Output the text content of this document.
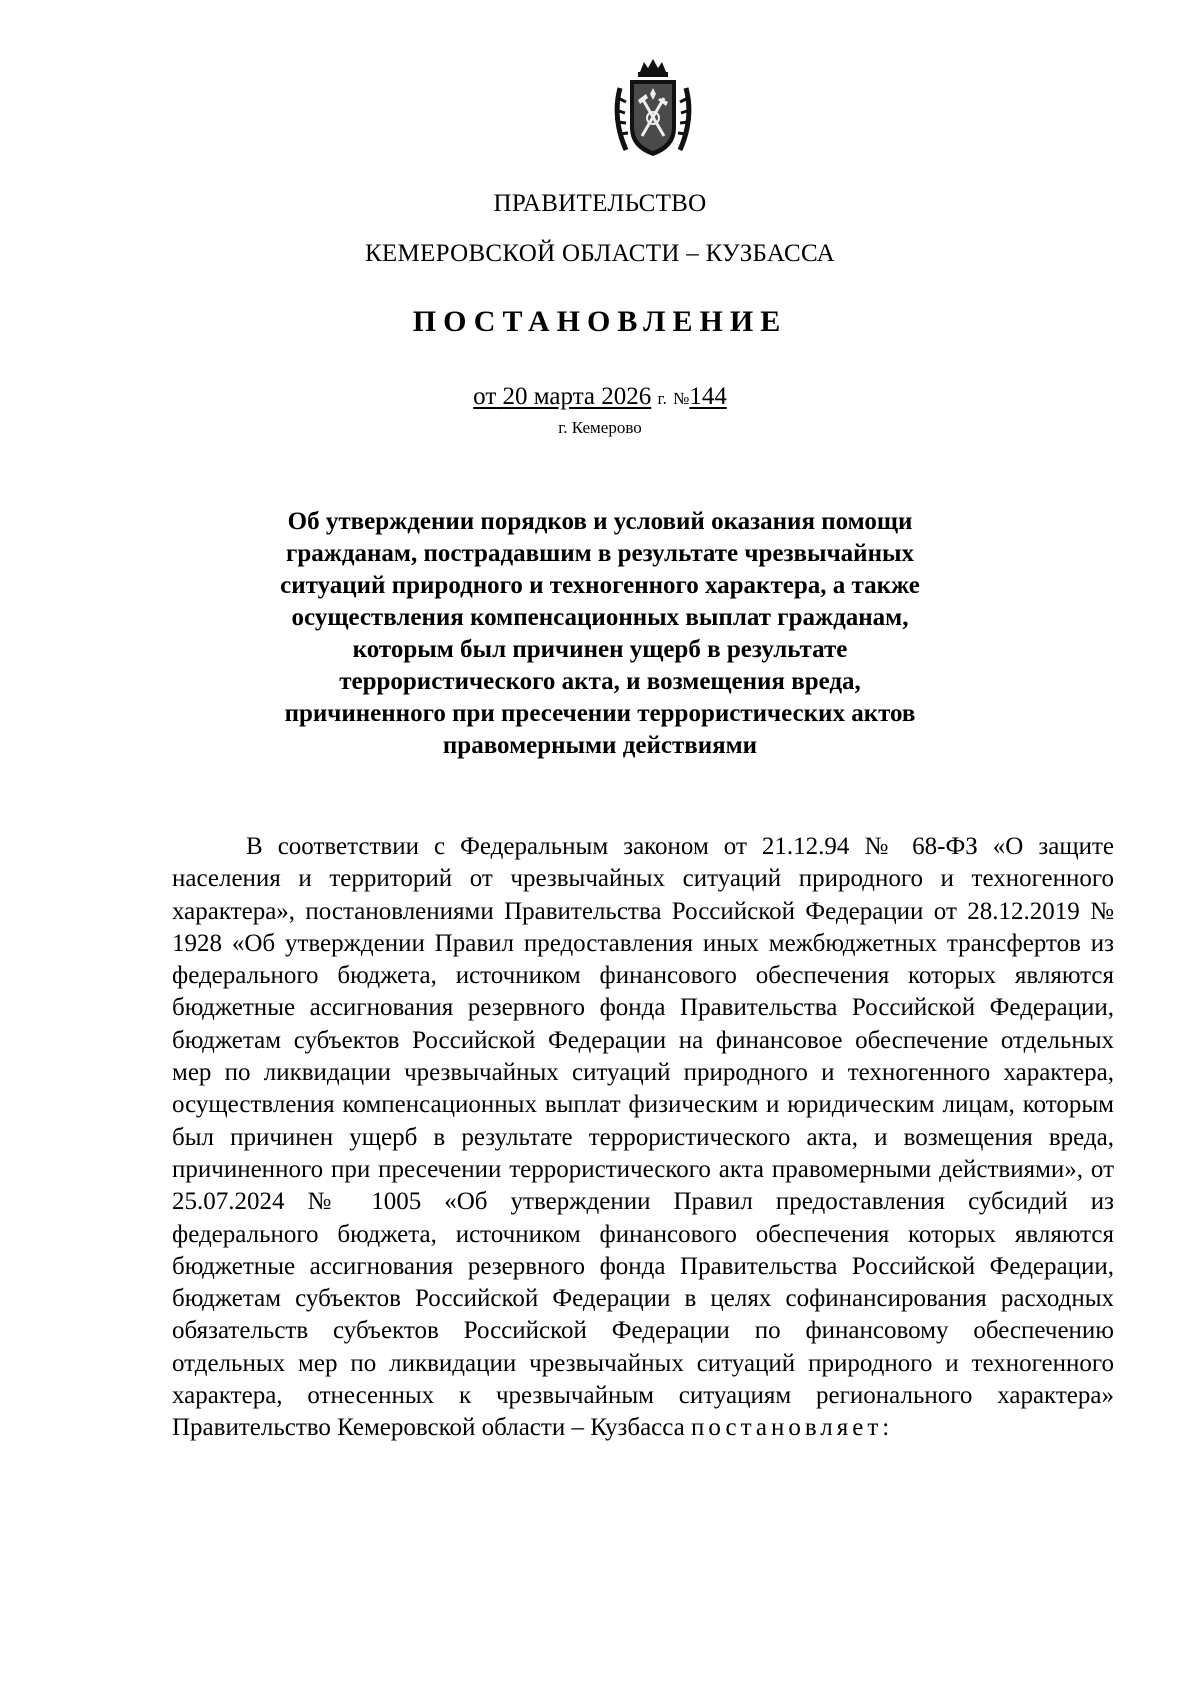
ПРАВИТЕЛЬСТВО
КЕМЕРОВСКОЙ ОБЛАСТИ – КУЗБАССА
ПОСТАНОВЛЕНИЕ
от 20 марта 2026 г. №144
г. Кемерово
Об утверждении порядков и условий оказания помощи гражданам, пострадавшим в результате чрезвычайных ситуаций природного и техногенного характера, а также осуществления компенсационных выплат гражданам, которым был причинен ущерб в результате террористического акта, и возмещения вреда, причиненного при пресечении террористических актов правомерными действиями

В соответствии с Федеральным законом от 21.12.94 № 68-ФЗ «О защите населения и территорий от чрезвычайных ситуаций природного и техногенного характера», постановлениями Правительства Российской Федерации от 28.12.2019 № 1928 «Об утверждении Правил предоставления иных межбюджетных трансфертов из федерального бюджета, источником финансового обеспечения которых являются бюджетные ассигнования резервного фонда Правительства Российской Федерации, бюджетам субъектов Российской Федерации на финансовое обеспечение отдельных мер по ликвидации чрезвычайных ситуаций природного и техногенного характера, осуществления компенсационных выплат физическим и юридическим лицам, которым был причинен ущерб в результате террористического акта, и возмещения вреда, причиненного при пресечении террористического акта правомерными действиями», от 25.07.2024 № 1005 «Об утверждении Правил предоставления субсидий из федерального бюджета, источником финансового обеспечения которых являются бюджетные ассигнования резервного фонда Правительства Российской Федерации, бюджетам субъектов Российской Федерации в целях софинансирования расходных обязательств субъектов Российской Федерации по финансовому обеспечению отдельных мер по ликвидации чрезвычайных ситуаций природного и техногенного характера, отнесенных к чрезвычайным ситуациям регионального характера» Правительство Кемеровской области – Кузбасса постановляет:
